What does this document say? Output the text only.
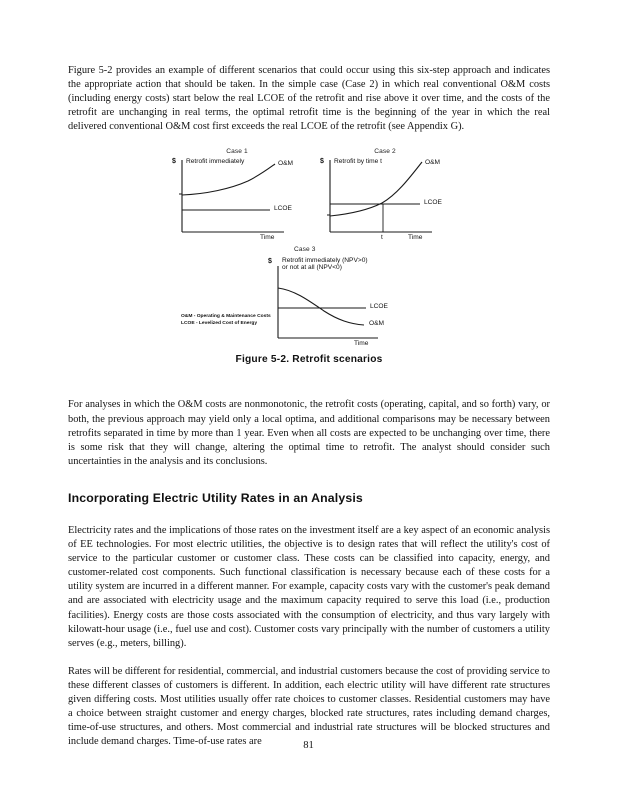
Figure 5-2 provides an example of different scenarios that could occur using this six-step approach and indicates the appropriate action that should be taken. In the simple case (Case 2) in which real conventional O&M costs (including energy costs) start below the real LCOE of the retrofit and rise above it over time, and the costs of the retrofit are unchanging in real terms, the optimal retrofit time is the beginning of the year in which the real delivered conventional O&M cost first exceeds the real LCOE of the retrofit (see Appendix G).

Case 1
$ Retrofit immediately	O&M
LCOE
Time
Case 2
$ Retrofit by time t	O&M
LCOE
t	Time
Case 3
$ Retrofit immediately (NPV>0)
or not at all (NPV<0)
LCOE
O&M
Time
O&M - Operating & Maintenance Costs
LCOE - Levelized Cost of Energy
Figure 5-2. Retrofit scenarios

For analyses in which the O&M costs are nonmonotonic, the retrofit costs (operating, capital, and so forth) vary, or both, the previous approach may yield only a local optima, and additional comparisons may be necessary between retrofits separated in time by more than 1 year. Even when all costs are expected to be unchanging over time, there is some risk that they will change, altering the optimal time to retrofit. The analyst should consider such uncertainties in the analysis and its conclusions.

Incorporating Electric Utility Rates in an Analysis

Electricity rates and the implications of those rates on the investment itself are a key aspect of an economic analysis of EE technologies. For most electric utilities, the objective is to design rates that will reflect the utility's cost of service to the particular customer or customer class. These costs can be classified into capacity, energy, and customer-related cost components. Such functional classification is necessary because each of these costs for a utility system are incurred in a different manner. For example, capacity costs vary with the customer's peak demand and are associated with electricity usage and the maximum capacity required to serve this load (i.e., production facilities). Energy costs are those costs associated with the consumption of electricity, and thus vary largely with kilowatt-hour usage (i.e., fuel use and cost). Customer costs vary principally with the number of customers a utility serves (e.g., meters, billing).

Rates will be different for residential, commercial, and industrial customers because the cost of providing service to these different classes of customers is different. In addition, each electric utility will have different rate structures given differing costs. Most utilities usually offer rate choices to customer classes. Residential customers may have a choice between straight customer and energy charges, blocked rate structures, rates including demand charges, time-of-use structures, and others. Most commercial and industrial rate structures will be blocked structures and include demand charges. Time-of-use rates are	81
